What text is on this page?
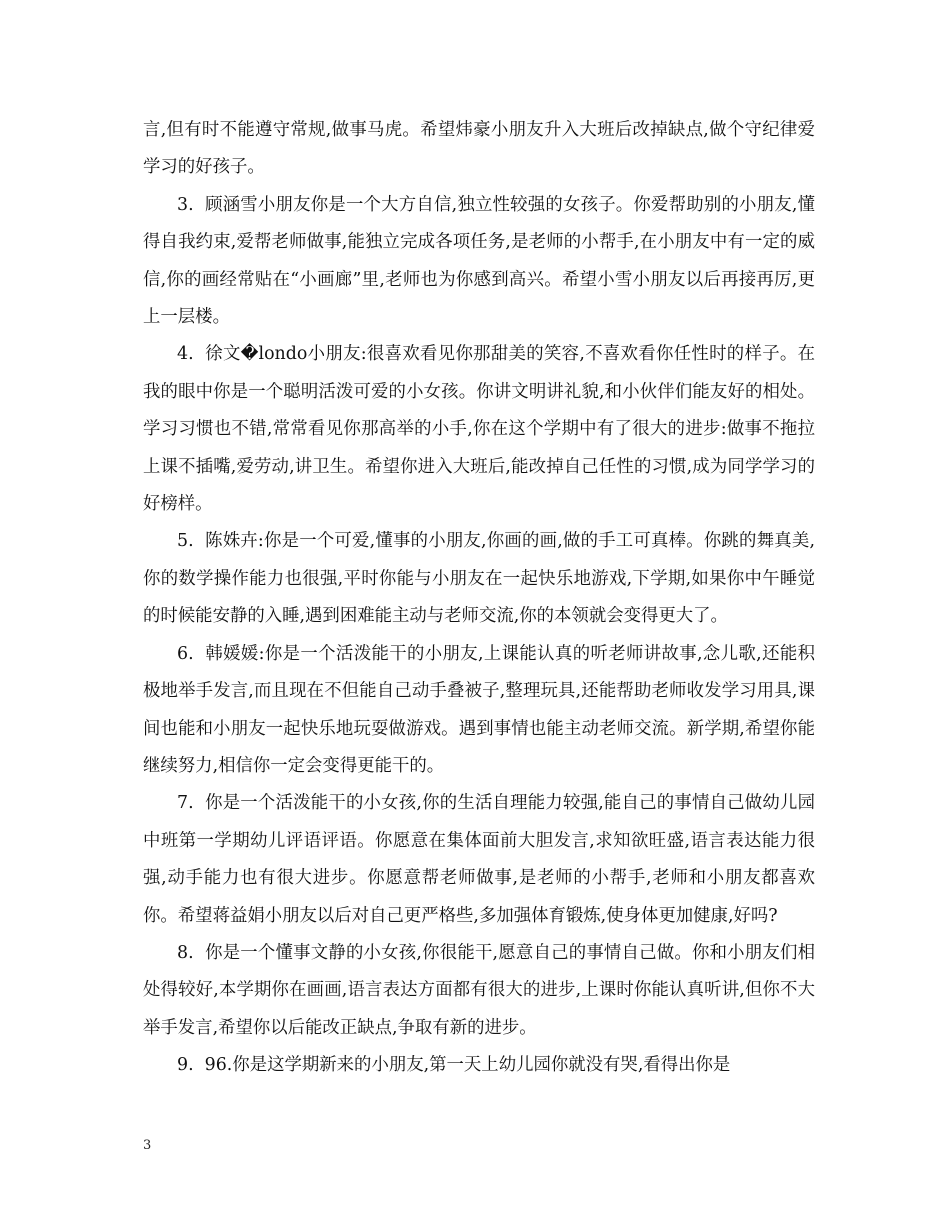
言,但有时不能遵守常规,做事马虎。希望炜豪小朋友升入大班后改掉缺点,做个守纪律爱学习的好孩子。

3. 顾涵雪小朋友你是一个大方自信,独立性较强的女孩子。你爱帮助别的小朋友,懂得自我约束,爱帮老师做事,能独立完成各项任务,是老师的小帮手,在小朋友中有一定的威信,你的画经常贴在“小画廊”里,老师也为你感到高兴。希望小雪小朋友以后再接再厉,更上一层楼。

4. 徐文�londo小朋友:很喜欢看见你那甜美的笑容,不喜欢看你任性时的样子。在我的眼中你是一个聪明活泼可爱的小女孩。你讲文明讲礼貌,和小伙伴们能友好的相处。学习习惯也不错,常常看见你那高举的小手,你在这个学期中有了很大的进步:做事不拖拉上课不插嘴,爱劳动,讲卫生。希望你进入大班后,能改掉自己任性的习惯,成为同学学习的好榜样。

5. 陈姝卉:你是一个可爱,懂事的小朋友,你画的画,做的手工可真棒。你跳的舞真美,你的数学操作能力也很强,平时你能与小朋友在一起快乐地游戏,下学期,如果你中午睡觉的时候能安静的入睡,遇到困难能主动与老师交流,你的本领就会变得更大了。

6. 韩媛媛:你是一个活泼能干的小朋友,上课能认真的听老师讲故事,念儿歌,还能积极地举手发言,而且现在不但能自己动手叠被子,整理玩具,还能帮助老师收发学习用具,课间也能和小朋友一起快乐地玩耍做游戏。遇到事情也能主动老师交流。新学期,希望你能继续努力,相信你一定会变得更能干的。

7. 你是一个活泼能干的小女孩,你的生活自理能力较强,能自己的事情自己做幼儿园中班第一学期幼儿评语评语。你愿意在集体面前大胆发言,求知欲旺盛,语言表达能力很强,动手能力也有很大进步。你愿意帮老师做事,是老师的小帮手,老师和小朋友都喜欢你。希望蒋益娟小朋友以后对自己更严格些,多加强体育锻炼,使身体更加健康,好吗?

8. 你是一个懂事文静的小女孩,你很能干,愿意自己的事情自己做。你和小朋友们相处得较好,本学期你在画画,语言表达方面都有很大的进步,上课时你能认真听讲,但你不大举手发言,希望你以后能改正缺点,争取有新的进步。

9. 96.你是这学期新来的小朋友,第一天上幼儿园你就没有哭,看得出你是

3
